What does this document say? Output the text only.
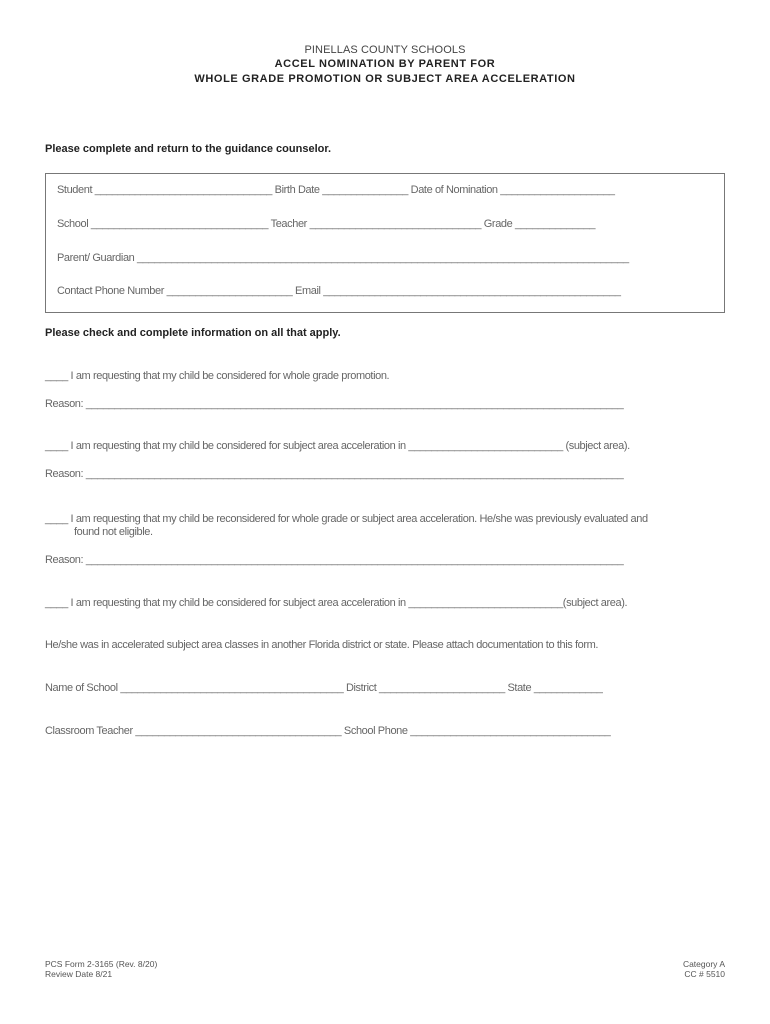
PINELLAS COUNTY SCHOOLS
ACCEL NOMINATION BY PARENT FOR
WHOLE GRADE PROMOTION OR SUBJECT AREA ACCELERATION
Please complete and return to the guidance counselor.
Student _______________________________ Birth Date _______________ Date of Nomination ____________________
School _______________________________ Teacher ______________________________ Grade ______________
Parent/ Guardian ______________________________________________________________________________________
Contact Phone Number ______________________ Email ____________________________________________________
Please check and complete information on all that apply.
____ I am requesting that my child be considered for whole grade promotion.
Reason: ______________________________________________________________________________________________
____ I am requesting that my child be considered for subject area acceleration in ___________________________ (subject area).
Reason: ______________________________________________________________________________________________
____ I am requesting that my child be reconsidered for whole grade or subject area acceleration. He/she was previously evaluated and
found not eligible.
Reason: ______________________________________________________________________________________________
____ I am requesting that my child be considered for subject area acceleration in ___________________________(subject area).
He/she was in accelerated subject area classes in another Florida district or state. Please attach documentation to this form.
Name of School _______________________________________ District ______________________ State ____________
Classroom Teacher ____________________________________ School Phone ___________________________________
PCS Form 2-3165 (Rev. 8/20)
Review Date 8/21
Category A
CC # 5510
